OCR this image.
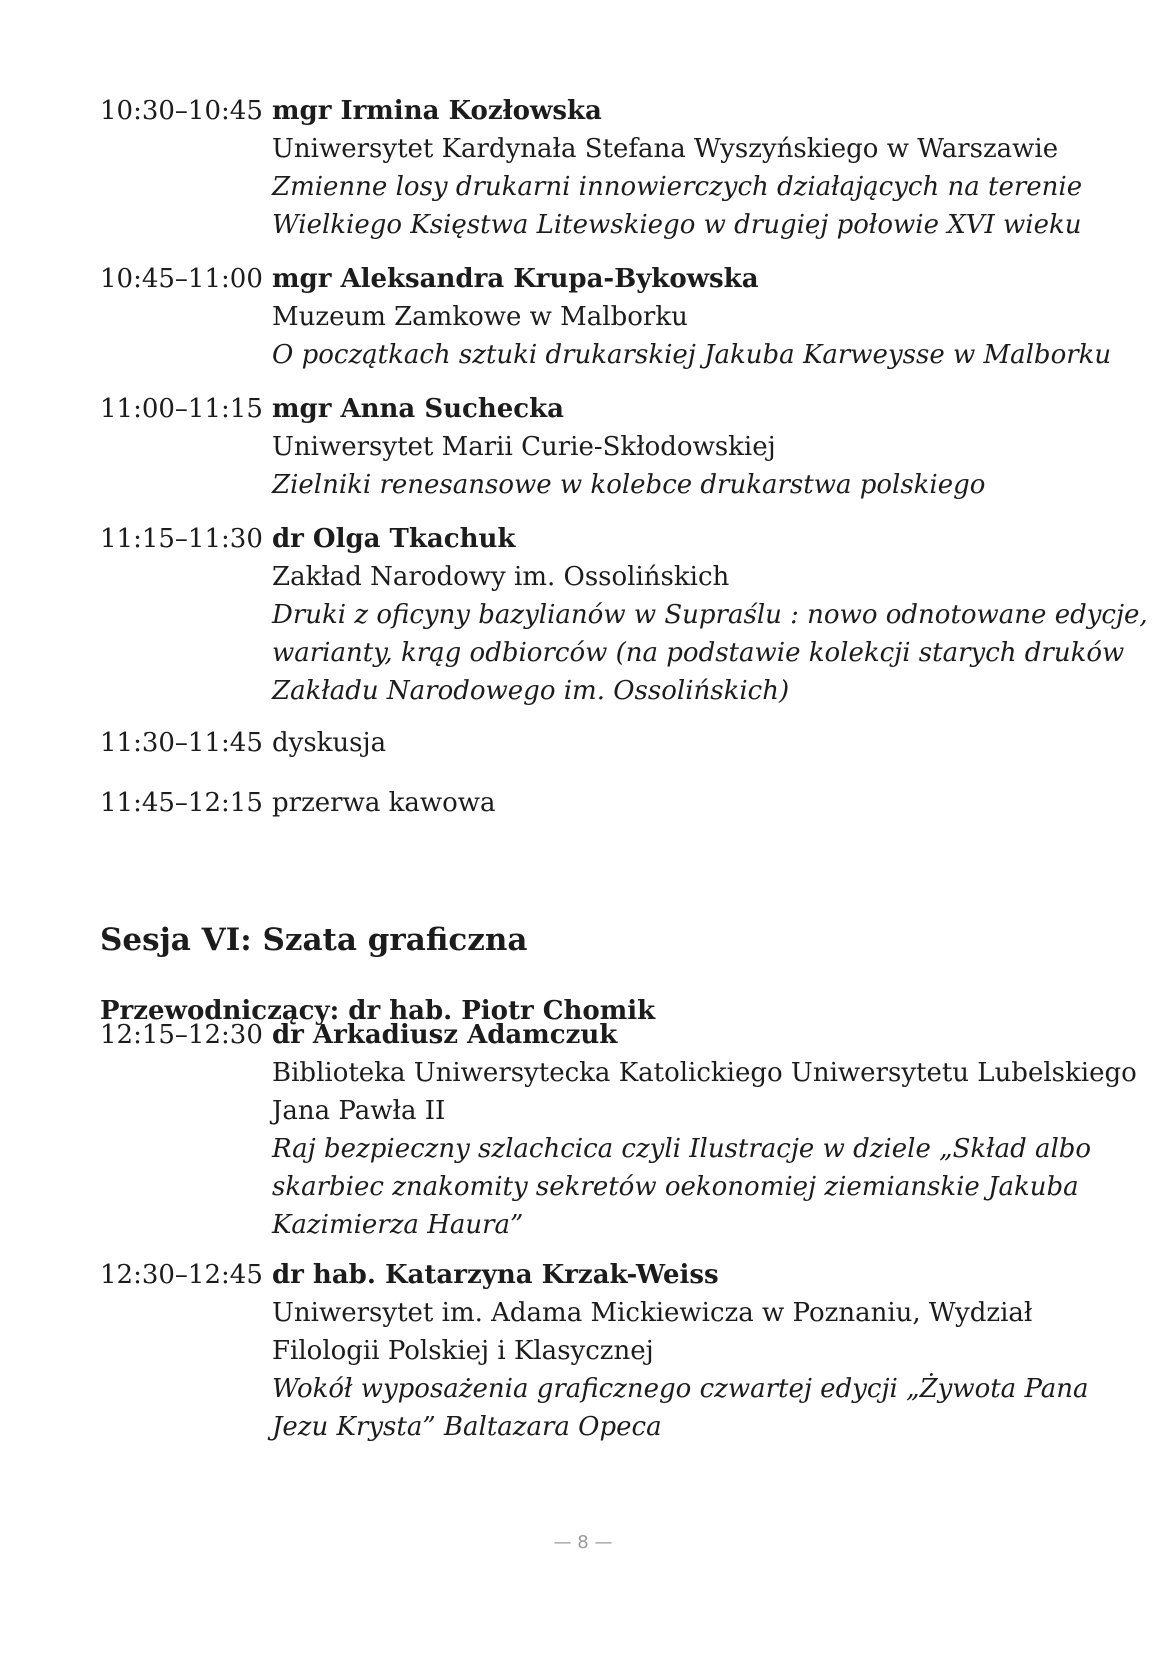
10:30–10:45 mgr Irmina Kozłowska
Uniwersytet Kardynała Stefana Wyszyńskiego w Warszawie
Zmienne losy drukarni innowierczych działających na terenie
Wielkiego Księstwa Litewskiego w drugiej połowie XVI wieku
10:45–11:00 mgr Aleksandra Krupa-Bykowska
Muzeum Zamkowe w Malborku
O początkach sztuki drukarskiej Jakuba Karweysse w Malborku
11:00–11:15 mgr Anna Suchecka
Uniwersytet Marii Curie-Skłodowskiej
Zielniki renesansowe w kolebce drukarstwa polskiego
11:15–11:30 dr Olga Tkachuk
Zakład Narodowy im. Ossolińskich
Druki z oficyny bazylianów w Supraślu : nowo odnotowane edycje,
warianty, krąg odbiorców (na podstawie kolekcji starych druków
Zakładu Narodowego im. Ossolińskich)
11:30–11:45 dyskusja
11:45–12:15 przerwa kawowa
Sesja VI: Szata graficzna
Przewodniczący: dr hab. Piotr Chomik
12:15–12:30 dr Arkadiusz Adamczuk
Biblioteka Uniwersytecka Katolickiego Uniwersytetu Lubelskiego
Jana Pawła II
Raj bezpieczny szlachcica czyli Ilustracje w dziele „Skład albo
skarbiec znakomity sekretów oekonomiej ziemianskie Jakuba
Kazimierza Haura”
12:30–12:45 dr hab. Katarzyna Krzak-Weiss
Uniwersytet im. Adama Mickiewicza w Poznaniu, Wydział
Filologii Polskiej i Klasycznej
Wokół wyposażenia graficznego czwartej edycji „Żywota Pana
Jezu Krysta” Baltazara Opeca
— 8 —
